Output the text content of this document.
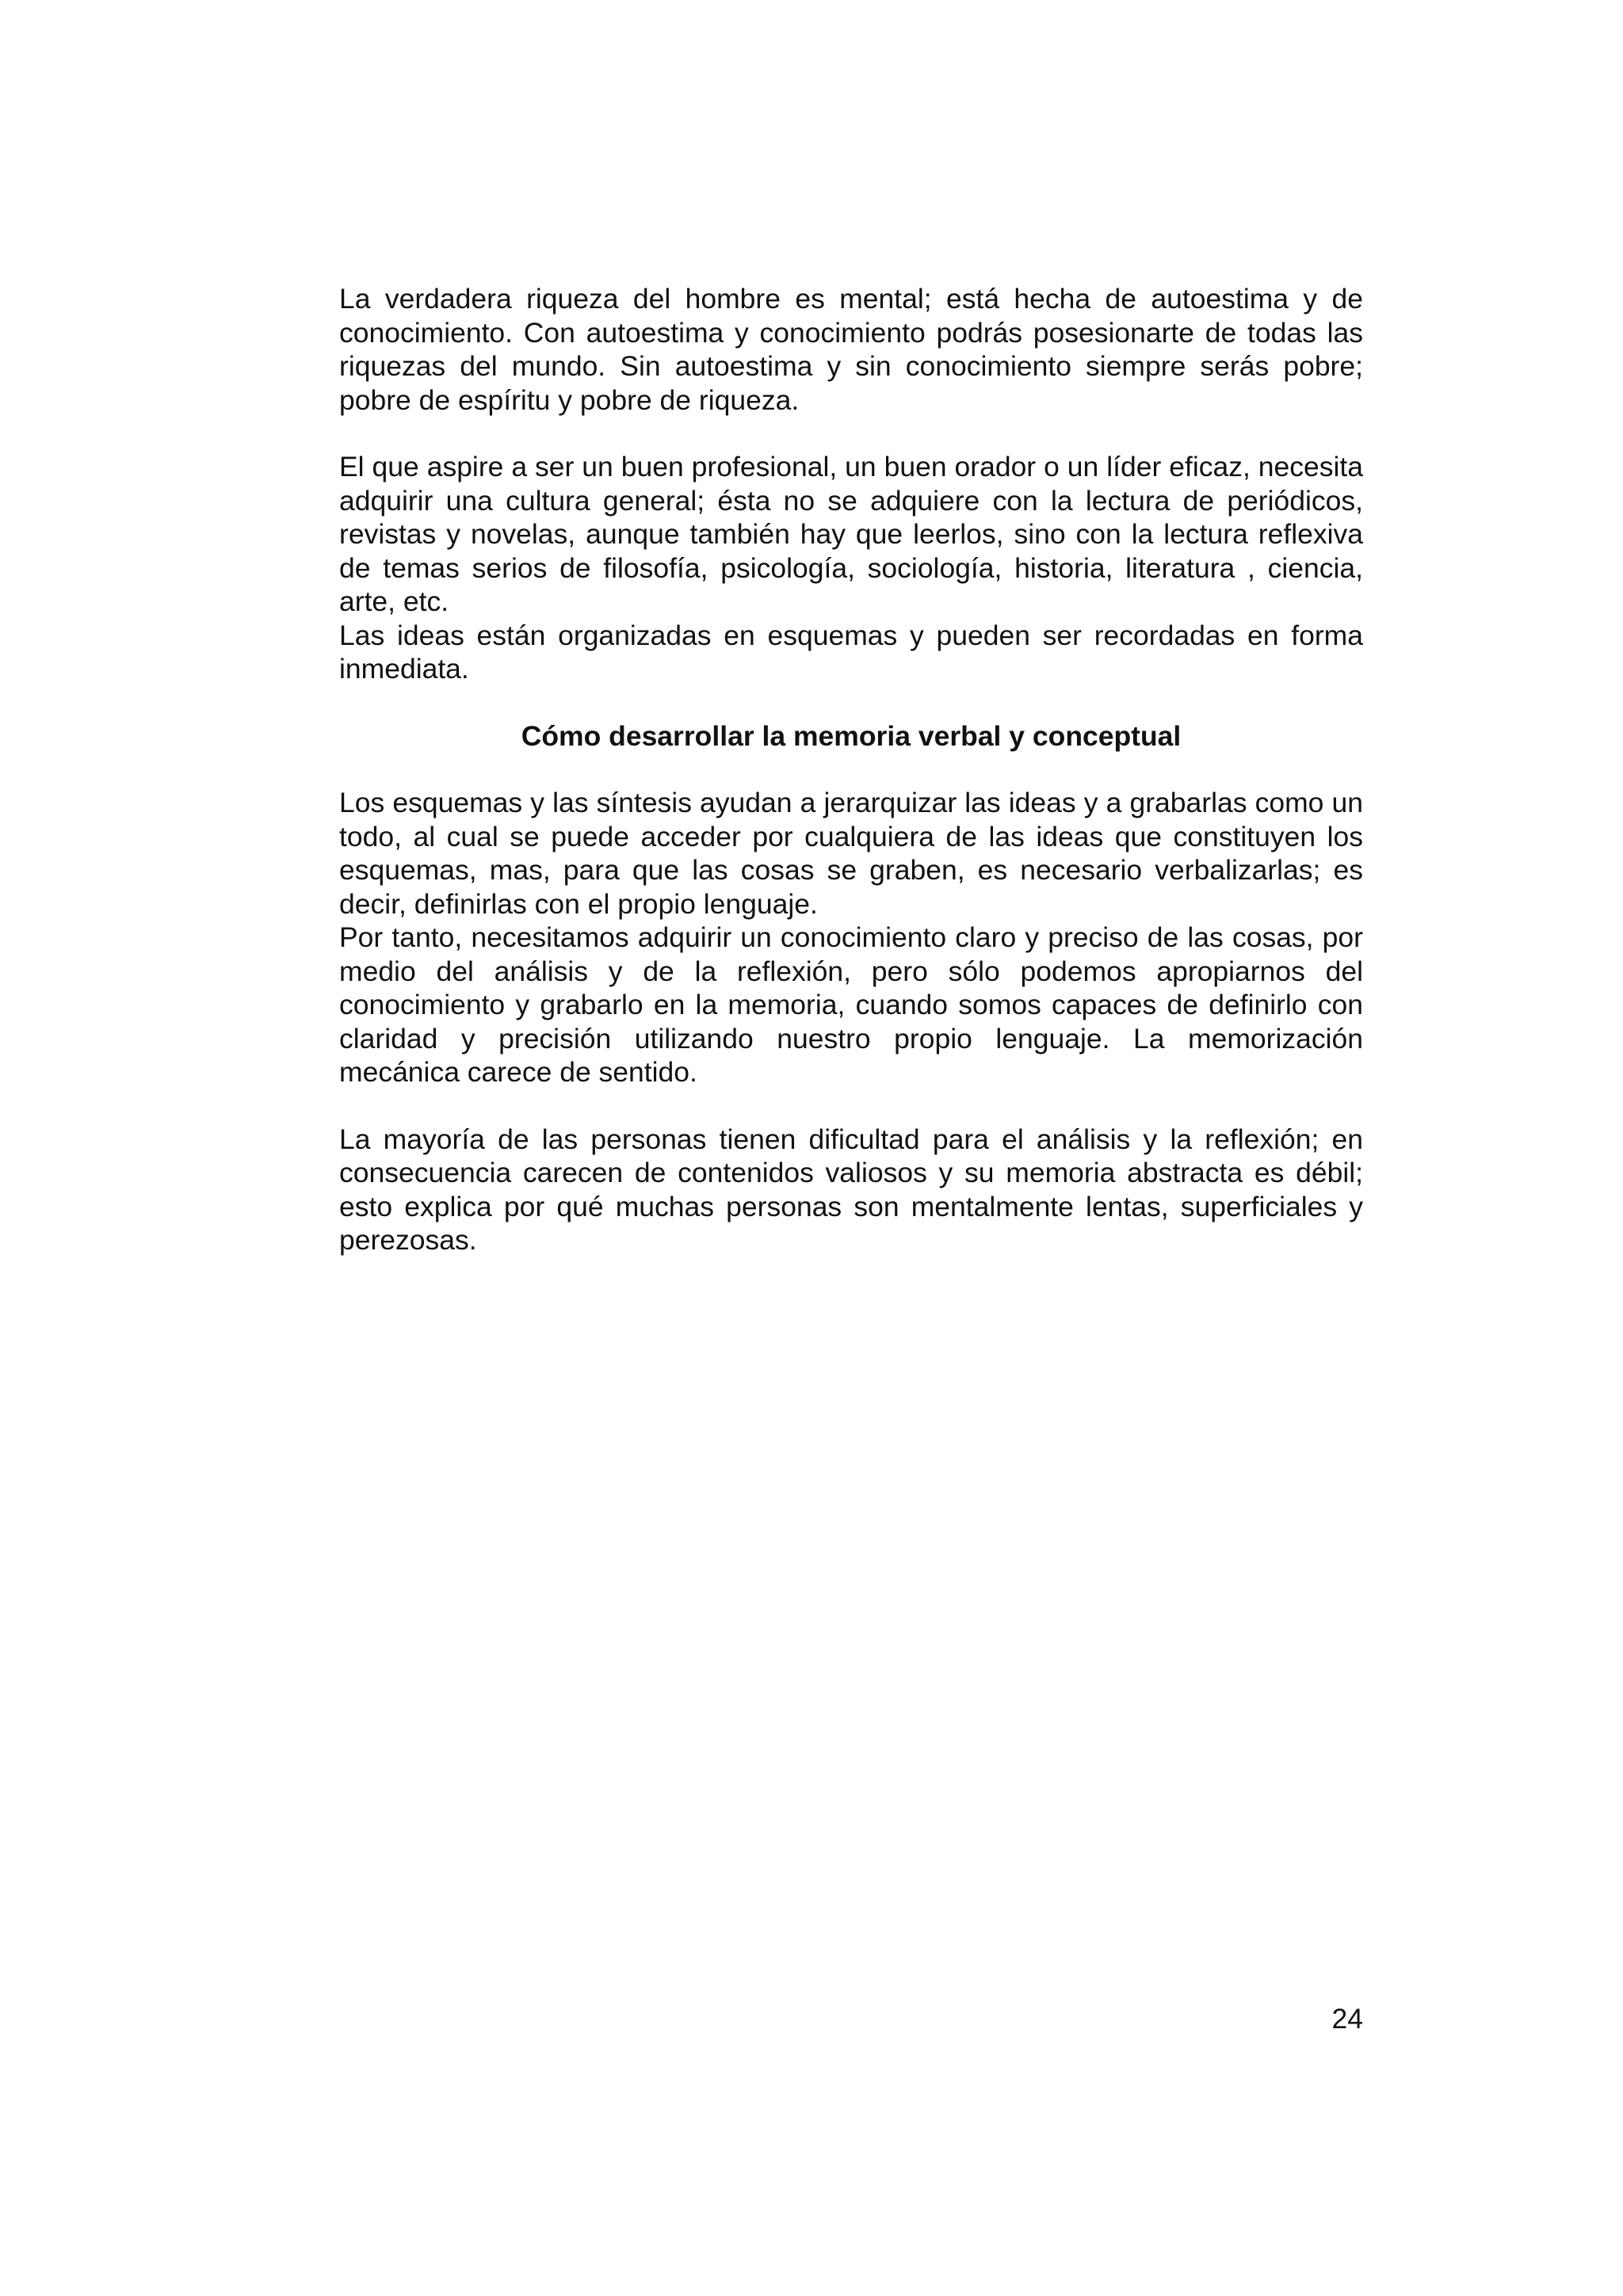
La verdadera riqueza del hombre es mental; está hecha de autoestima y de conocimiento. Con autoestima y conocimiento podrás posesionarte de todas las riquezas del mundo. Sin autoestima y sin conocimiento siempre serás pobre; pobre de espíritu y pobre de riqueza.

El que aspire a ser un buen profesional, un buen orador o un líder eficaz, necesita adquirir una cultura general; ésta no se adquiere con la lectura de periódicos, revistas y novelas, aunque también hay que leerlos, sino con la lectura reflexiva de temas serios de filosofía, psicología, sociología, historia, literatura , ciencia, arte, etc.

Las ideas están organizadas en esquemas y pueden ser recordadas en forma inmediata.

Cómo desarrollar la memoria verbal y conceptual

Los esquemas y las síntesis ayudan a jerarquizar las ideas y a grabarlas como un todo, al cual se puede acceder por cualquiera de las ideas que constituyen los esquemas, mas, para que las cosas se graben, es necesario verbalizarlas; es decir, definirlas con el propio lenguaje.

Por tanto, necesitamos adquirir un conocimiento claro y preciso de las cosas, por medio del análisis y de la reflexión, pero sólo podemos apropiarnos del conocimiento y grabarlo en la memoria, cuando somos capaces de definirlo con claridad y precisión utilizando nuestro propio lenguaje. La memorización mecánica carece de sentido.

La mayoría de las personas tienen dificultad para el análisis y la reflexión; en consecuencia carecen de contenidos valiosos y su memoria abstracta es débil; esto explica por qué muchas personas son mentalmente lentas, superficiales y perezosas.

24
